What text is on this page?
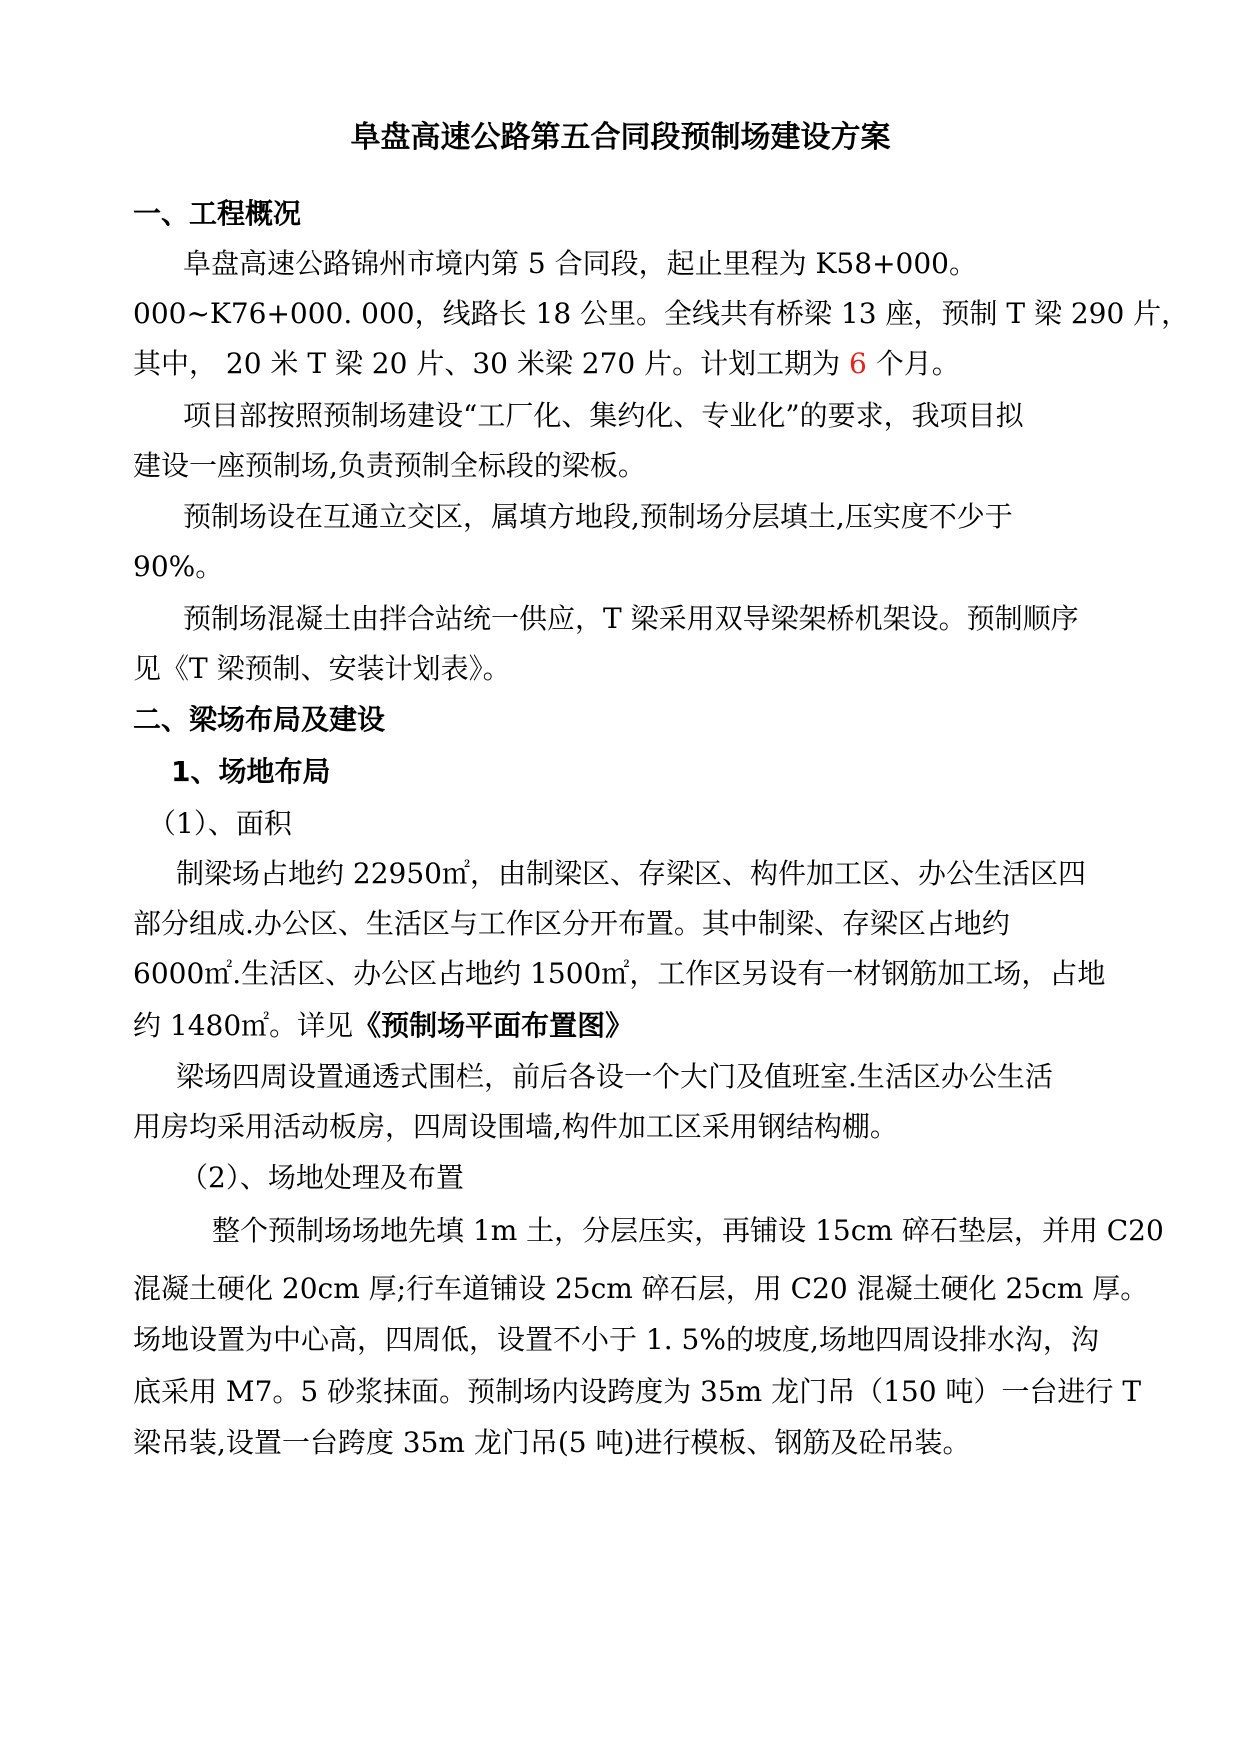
阜盘高速公路第五合同段预制场建设方案
一、工程概况
阜盘高速公路锦州市境内第 5 合同段，起止里程为 K58+000。
000~K76+000. 000，线路长 18 公里。全线共有桥梁 13 座，预制 T 梁 290 片，
其中， 20 米 T 梁 20 片、30 米梁 270 片。计划工期为 6 个月。
项目部按照预制场建设“工厂化、集约化、专业化”的要求，我项目拟
建设一座预制场,负责预制全标段的梁板。
预制场设在互通立交区，属填方地段,预制场分层填土,压实度不少于
90%。
预制场混凝土由拌合站统一供应，T 梁采用双导梁架桥机架设。预制顺序
见《T 梁预制、安装计划表》。
二、梁场布局及建设
1、场地布局
（1）、面积
制梁场占地约 22950㎡，由制梁区、存梁区、构件加工区、办公生活区四
部分组成.办公区、生活区与工作区分开布置。其中制梁、存梁区占地约
6000㎡.生活区、办公区占地约 1500㎡，工作区另设有一材钢筋加工场，占地
约 1480㎡。详见《预制场平面布置图》
梁场四周设置通透式围栏，前后各设一个大门及值班室.生活区办公生活
用房均采用活动板房，四周设围墙,构件加工区采用钢结构棚。
（2）、场地处理及布置
整个预制场场地先填 1m 土，分层压实，再铺设 15cm 碎石垫层，并用 C20
混凝土硬化 20cm 厚;行车道铺设 25cm 碎石层，用 C20 混凝土硬化 25cm 厚。
场地设置为中心高，四周低，设置不小于 1. 5%的坡度,场地四周设排水沟，沟
底采用 M7。5 砂浆抹面。预制场内设跨度为 35m 龙门吊（150 吨）一台进行 T
梁吊装,设置一台跨度 35m 龙门吊(5 吨)进行模板、钢筋及砼吊装。
